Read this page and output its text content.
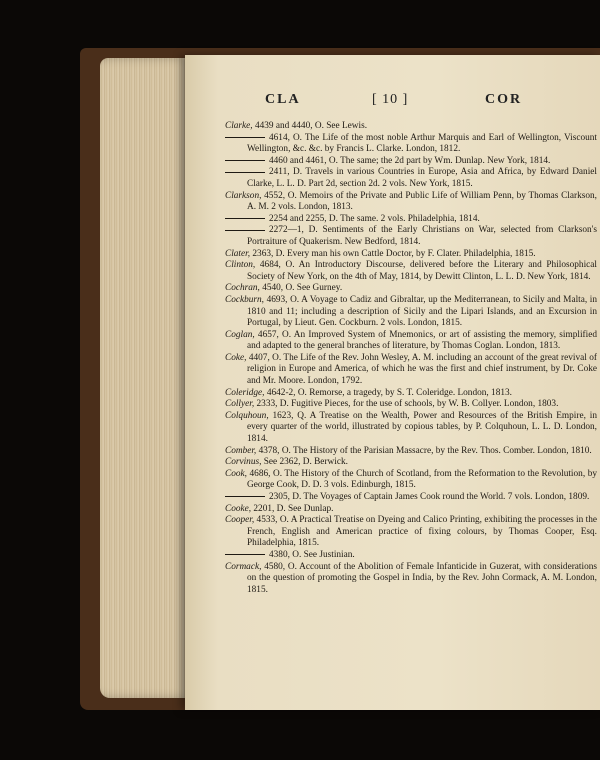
CLA	[ 10 ]	COR

Clarke, 4439 and 4440, O. See Lewis.

4614, O. The Life of the most noble Arthur Marquis and Earl of Wellington, Viscount Wellington, &c. &c. by Francis L. Clarke. London, 1812.

4460 and 4461, O. The same; the 2d part by Wm. Dunlap. New York, 1814.

2411, D. Travels in various Countries in Europe, Asia and Africa, by Edward Daniel Clarke, L. L. D. Part 2d, section 2d. 2 vols. New York, 1815.

Clarkson, 4552, O. Memoirs of the Private and Public Life of William Penn, by Thomas Clarkson, A. M. 2 vols. London, 1813.

2254 and 2255, D. The same. 2 vols. Philadelphia, 1814.

2272—1, D. Sentiments of the Early Christians on War, selected from Clarkson's Portraiture of Quakerism. New Bedford, 1814.

Clater, 2363, D. Every man his own Cattle Doctor, by F. Clater. Philadelphia, 1815.

Clinton, 4684, O. An Introductory Discourse, delivered before the Literary and Philosophical Society of New York, on the 4th of May, 1814, by Dewitt Clinton, L. L. D. New York, 1814.

Cochran, 4540, O. See Gurney.

Cockburn, 4693, O. A Voyage to Cadiz and Gibraltar, up the Mediterranean, to Sicily and Malta, in 1810 and 11; including a description of Sicily and the Lipari Islands, and an Excursion in Portugal, by Lieut. Gen. Cockburn. 2 vols. London, 1815.

Coglan, 4657, O. An Improved System of Mnemonics, or art of assisting the memory, simplified and adapted to the general branches of literature, by Thomas Coglan. London, 1813.

Coke, 4407, O. The Life of the Rev. John Wesley, A. M. including an account of the great revival of religion in Europe and America, of which he was the first and chief instrument, by Dr. Coke and Mr. Moore. London, 1792.

Coleridge, 4642-2, O. Remorse, a tragedy, by S. T. Coleridge. London, 1813.

Collyer, 2333, D. Fugitive Pieces, for the use of schools, by W. B. Collyer. London, 1803.

Colquhoun, 1623, Q. A Treatise on the Wealth, Power and Resources of the British Empire, in every quarter of the world, illustrated by copious tables, by P. Colquhoun, L. L. D. London, 1814.

Comber, 4378, O. The History of the Parisian Massacre, by the Rev. Thos. Comber. London, 1810.

Corvinus, See 2362, D. Berwick.

Cook, 4686, O. The History of the Church of Scotland, from the Reformation to the Revolution, by George Cook, D. D. 3 vols. Edinburgh, 1815.

2305, D. The Voyages of Captain James Cook round the World. 7 vols. London, 1809.

Cooke, 2201, D. See Dunlap.

Cooper, 4533, O. A Practical Treatise on Dyeing and Calico Printing, exhibiting the processes in the French, English and American practice of fixing colours, by Thomas Cooper, Esq. Philadelphia, 1815.

4380, O. See Justinian.

Cormack, 4580, O. Account of the Abolition of Female Infanticide in Guzerat, with considerations on the question of promoting the Gospel in India, by the Rev. John Cormack, A. M. London, 1815.
